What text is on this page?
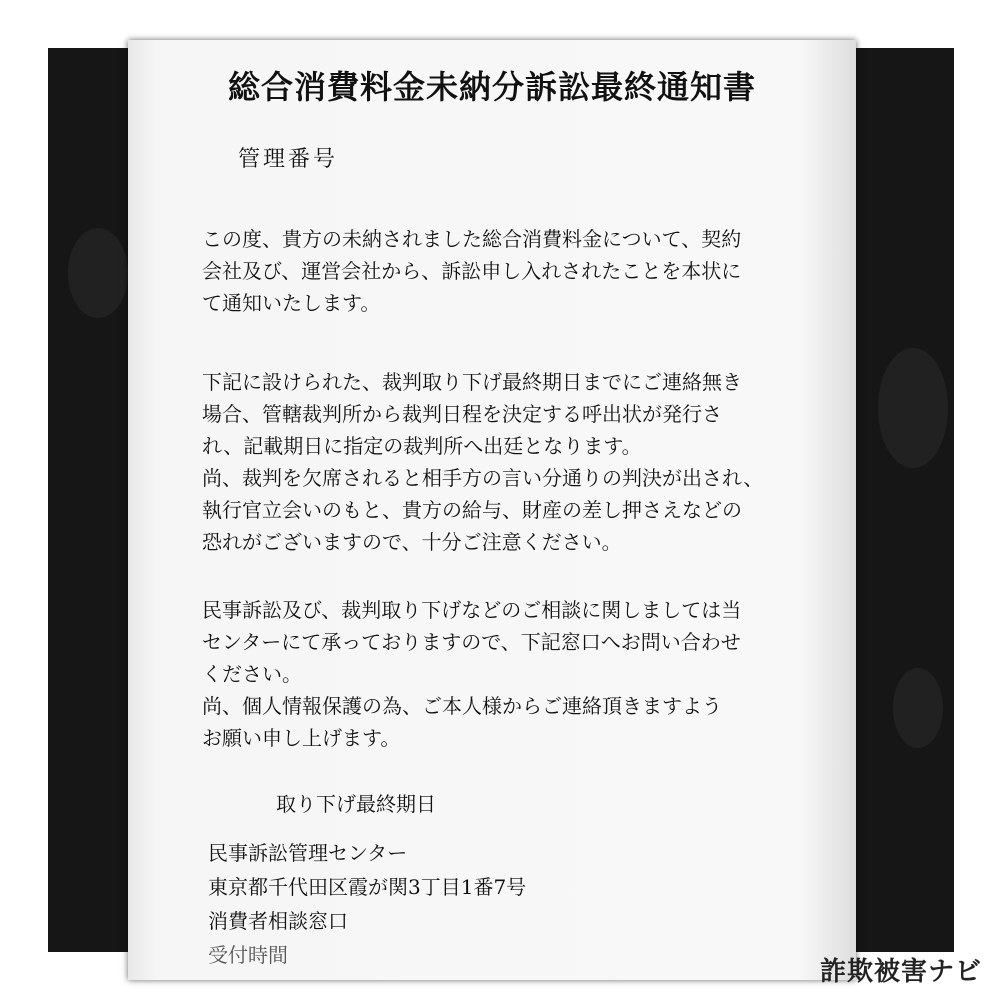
総合消費料金未納分訴訟最終通知書
管理番号

この度、貴方の未納されました総合消費料金について、契約
会社及び、運営会社から、訴訟申し入れされたことを本状に
て通知いたします。

下記に設けられた、裁判取り下げ最終期日までにご連絡無き
場合、管轄裁判所から裁判日程を決定する呼出状が発行さ
れ、記載期日に指定の裁判所へ出廷となります。
尚、裁判を欠席されると相手方の言い分通りの判決が出され、
執行官立会いのもと、貴方の給与、財産の差し押さえなどの
恐れがございますので、十分ご注意ください。

民事訴訟及び、裁判取り下げなどのご相談に関しましては当
センターにて承っておりますので、下記窓口へお問い合わせ
ください。
尚、個人情報保護の為、ご本人様からご連絡頂きますよう
お願い申し上げます。

取り下げ最終期日
民事訴訟管理センター
東京都千代田区霞が関3丁目1番7号
消費者相談窓口
受付時間
詐欺被害ナビ
